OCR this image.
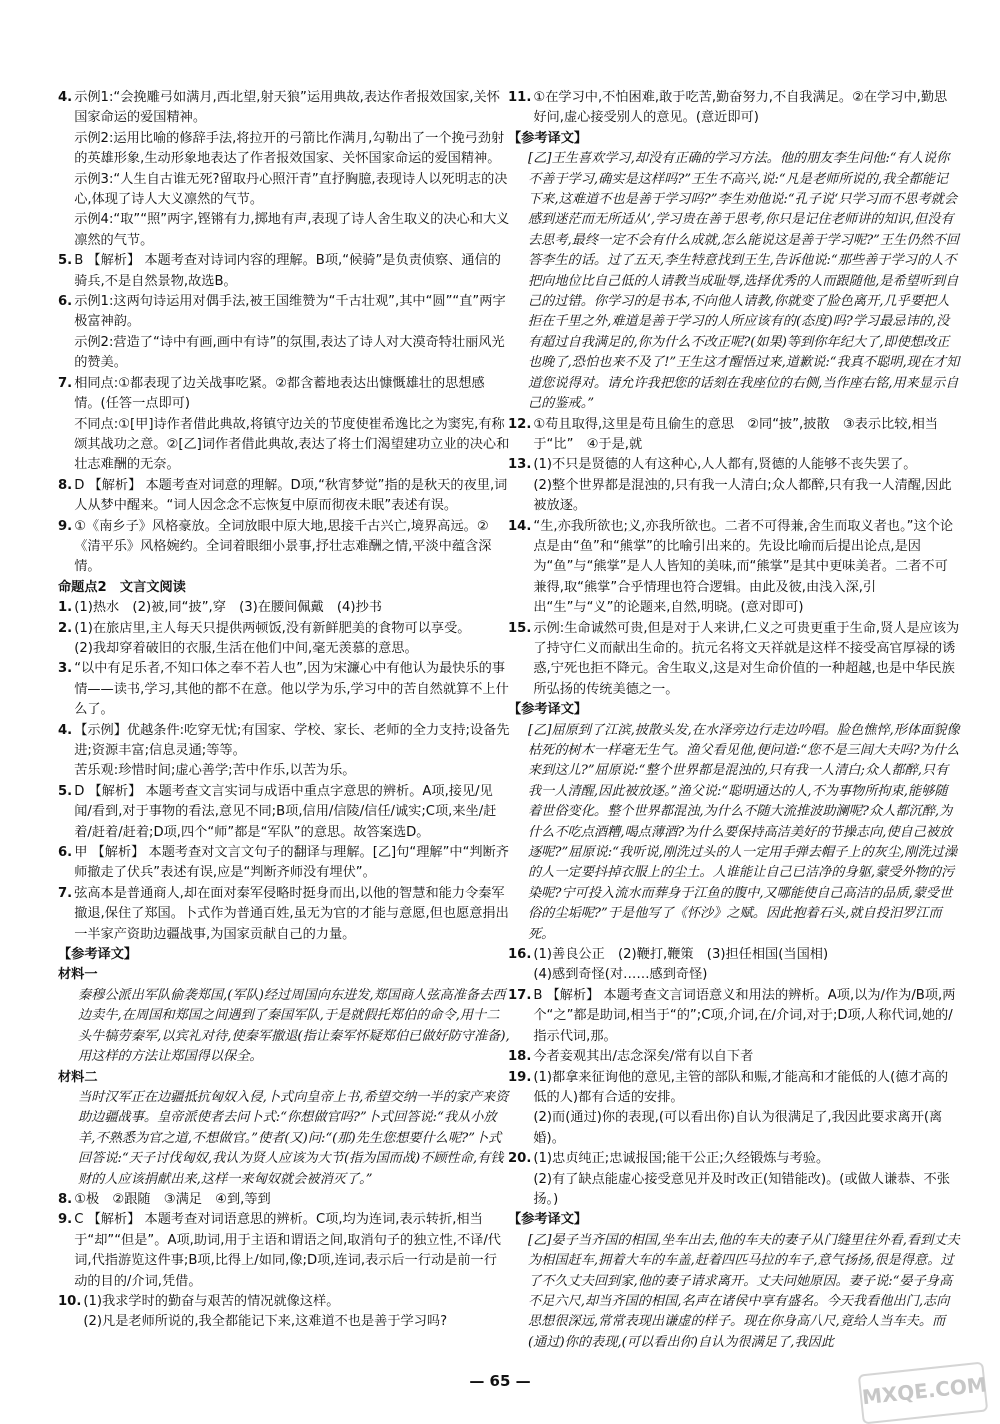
4. 示例1:“会挽雕弓如满月,西北望,射天狼”运用典故,表达作者报效国家,关怀国家命运的爱国精神。
示例2:运用比喻的修辞手法,将拉开的弓箭比作满月,勾勒出了一个挽弓劲射的英雄形象,生动形象地表达了作者报效国家、关怀国家命运的爱国精神。
示例3:“人生自古谁无死?留取丹心照汗青”直抒胸臆,表现诗人以死明志的决心,体现了诗人大义凛然的气节。
示例4:“取”“照”两字,铿锵有力,掷地有声,表现了诗人舍生取义的决心和大义凛然的气节。
5. B 【解析】 本题考查对诗词内容的理解。B项,“候骑”是负责侦察、通信的骑兵,不是自然景物,故选B。
6. 示例1:这两句诗运用对偶手法,被王国维赞为“千古壮观”,其中“圆”“直”两字极富神韵。
示例2:营造了“诗中有画,画中有诗”的氛围,表达了诗人对大漠奇特壮丽风光的赞美。
7. 相同点:①都表现了边关战事吃紧。②都含蓄地表达出慷慨雄壮的思想感情。(任答一点即可)
不同点:①[甲]诗作者借此典故,将镇守边关的节度使崔希逸比之为窦宪,有称颂其战功之意。②[乙]词作者借此典故,表达了将士们渴望建功立业的决心和壮志难酬的无奈。
8. D 【解析】 本题考查对词意的理解。D项,“秋宵梦觉”指的是秋天的夜里,词人从梦中醒来。“词人因念念不忘恢复中原而彻夜未眠”表述有误。
9. ①《南乡子》风格豪放。全词放眼中原大地,思接千古兴亡,境界高远。②《清平乐》风格婉约。全词着眼细小景事,抒壮志难酬之情,平淡中蕴含深情。
命题点2　文言文阅读
1. (1)热水　(2)被,同“披”,穿　(3)在腰间佩戴　(4)抄书
2. (1)在旅店里,主人每天只提供两顿饭,没有新鲜肥美的食物可以享受。
(2)我却穿着破旧的衣服,生活在他们中间,毫无羡慕的意思。
3. “以中有足乐者,不知口体之奉不若人也”,因为宋濂心中有他认为最快乐的事情——读书,学习,其他的都不在意。他以学为乐,学习中的苦自然就算不上什么了。
4. 【示例】优越条件:吃穿无忧;有国家、学校、家长、老师的全力支持;设备先进;资源丰富;信息灵通;等等。
苦乐观:珍惜时间;虚心善学;苦中作乐,以苦为乐。
5. D 【解析】 本题考查文言实词与成语中重点字意思的辨析。A项,接见/见闻/看到,对于事物的看法,意见不同;B项,信用/信陵/信任/诚实;C项,来坐/赶着/赶着/赶着;D项,四个“师”都是“军队”的意思。故答案选D。
6. 甲 【解析】 本题考查对文言文句子的翻译与理解。[乙]句“理解”中“判断齐师撤走了伏兵”表述有误,应是“判断齐师没有埋伏”。
7. 弦高本是普通商人,却在面对秦军侵略时挺身而出,以他的智慧和能力令秦军撤退,保住了郑国。卜式作为普通百姓,虽无为官的才能与意愿,但也愿意捐出一半家产资助边疆战事,为国家贡献自己的力量。
【参考译文】
材料一
秦穆公派出军队偷袭郑国,(军队)经过周国向东进发,郑国商人弦高准备去西边卖牛,在周国和郑国之间遇到了秦国军队,于是就假托郑伯的命令,用十二头牛犒劳秦军,以宾礼对待,使秦军撤退(指让秦军怀疑郑伯已做好防守准备),用这样的方法让郑国得以保全。
材料二
当时汉军正在边疆抵抗匈奴入侵,卜式向皇帝上书,希望交纳一半的家产来资助边疆战事。皇帝派使者去问卜式:“你想做官吗?”卜式回答说:“我从小放羊,不熟悉为官之道,不想做官。”使者(又)问:“(那)先生您想要什么呢?”卜式回答说:“天子讨伐匈奴,我认为贤人应该为大节(指为国而战)不顾性命,有钱财的人应该捐献出来,这样一来匈奴就会被消灭了。”
8. ①极　②跟随　③满足　④到,等到
9. C 【解析】 本题考查对词语意思的辨析。C项,均为连词,表示转折,相当于“却”“但是”。A项,助词,用于主语和谓语之间,取消句子的独立性,不译/代词,代指游览这件事;B项,比得上/如同,像;D项,连词,表示后一行动是前一行动的目的/介词,凭借。
10. (1)我求学时的勤奋与艰苦的情况就像这样。
(2)凡是老师所说的,我全都能记下来,这难道不也是善于学习吗?
11. ①在学习中,不怕困难,敢于吃苦,勤奋努力,不自我满足。②在学习中,勤思好问,虚心接受别人的意见。(意近即可)
【参考译文】
[乙]王生喜欢学习,却没有正确的学习方法。他的朋友李生问他:“有人说你不善于学习,确实是这样吗?”王生不高兴,说:“凡是老师所说的,我全都能记下来,这难道不也是善于学习吗?”李生劝他说:“孔子说‘只学习而不思考就会感到迷茫而无所适从’,学习贵在善于思考,你只是记住老师讲的知识,但没有去思考,最终一定不会有什么成就,怎么能说这是善于学习呢?”王生仍然不回答李生的话。过了五天,李生特意找到王生,告诉他说:“那些善于学习的人不把向地位比自己低的人请教当成耻辱,选择优秀的人而跟随他,是希望听到自己的过错。你学习的是书本,不向他人请教,你就变了脸色离开,几乎要把人拒在千里之外,难道是善于学习的人所应该有的(态度)吗?学习最忌讳的,没有超过自我满足的,你为什么不改正呢?(如果)等到你年纪大了,即使想改正也晚了,恐怕也来不及了!”王生这才醒悟过来,道歉说:“我真不聪明,现在才知道您说得对。请允许我把您的话刻在我座位的右侧,当作座右铭,用来显示自己的鉴戒。”
12. ①苟且取得,这里是苟且偷生的意思　②同“披”,披散　③表示比较,相当于“比”　④于是,就
13. (1)不只是贤德的人有这种心,人人都有,贤德的人能够不丧失罢了。
(2)整个世界都是混浊的,只有我一人清白;众人都醉,只有我一人清醒,因此被放逐。
14. “生,亦我所欲也;义,亦我所欲也。二者不可得兼,舍生而取义者也。”这个论点是由“鱼”和“熊掌”的比喻引出来的。先设比喻而后提出论点,是因为“鱼”与“熊掌”是人人皆知的美味,而“熊掌”是其中更味美者。二者不可兼得,取“熊掌”合乎情理也符合逻辑。由此及彼,由浅入深,引出“生”与“义”的论题来,自然,明晓。(意对即可)
15. 示例:生命诚然可贵,但是对于人来讲,仁义之可贵更重于生命,贤人是应该为了持守仁义而献出生命的。抗元名将文天祥就是这样不接受高官厚禄的诱惑,宁死也拒不降元。舍生取义,这是对生命价值的一种超越,也是中华民族所弘扬的传统美德之一。
【参考译文】
[乙]屈原到了江滨,披散头发,在水泽旁边行走边吟唱。脸色憔悴,形体面貌像枯死的树木一样毫无生气。渔父看见他,便问道:“您不是三闾大夫吗?为什么来到这儿?”屈原说:“整个世界都是混浊的,只有我一人清白;众人都醉,只有我一人清醒,因此被放逐。”渔父说:“聪明通达的人,不为事物所拘束,能够随着世俗变化。整个世界都混浊,为什么不随大流推波助澜呢?众人都沉醉,为什么不吃点酒糟,喝点薄酒?为什么要保持高洁美好的节操志向,使自己被放逐呢?”屈原说:“我听说,刚洗过头的人一定用手弹去帽子上的灰尘,刚洗过澡的人一定要抖掉衣服上的尘土。人谁能让自己已洁净的身躯,蒙受外物的污染呢?宁可投入流水而葬身于江鱼的腹中,又哪能使自己高洁的品质,蒙受世俗的尘垢呢?”于是他写了《怀沙》之赋。因此抱着石头,就自投汨罗江而死。
16. (1)善良公正　(2)鞭打,鞭策　(3)担任相国(当国相)
(4)感到奇怪(对……感到奇怪)
17. B 【解析】 本题考查文言词语意义和用法的辨析。A项,以为/作为/B项,两个“之”都是助词,相当于“的”;C项,介词,在/介词,对于;D项,人称代词,她的/指示代词,那。
18. 今者妾观其出/志念深矣/常有以自下者
19. (1)都拿来征询他的意见,主管的部队和赈,才能高和才能低的人(德才高的低的人)都有合适的安排。
(2)而(通过)你的表现,(可以看出你)自认为很满足了,我因此要求离开(离婚)。
20. (1)忠贞纯正;忠诚报国;能干公正;久经锻炼与考验。
(2)有了缺点能虚心接受意见并及时改正(知错能改)。(或做人谦恭、不张扬。)
【参考译文】
[乙]晏子当齐国的相国,坐车出去,他的车夫的妻子从门缝里往外看,看到丈夫为相国赶车,拥着大车的车盖,赶着四匹马拉的车子,意气扬扬,很是得意。过了不久丈夫回到家,他的妻子请求离开。丈夫问她原因。妻子说:“晏子身高不足六尺,却当齐国的相国,名声在诸侯中享有盛名。今天我看他出门,志向思想很深远,常常表现出谦虚的样子。现在你身高八尺,竟给人当车夫。而(通过)你的表现,(可以看出你)自认为很满足了,我因此
— 65 —	MXQE.COM
